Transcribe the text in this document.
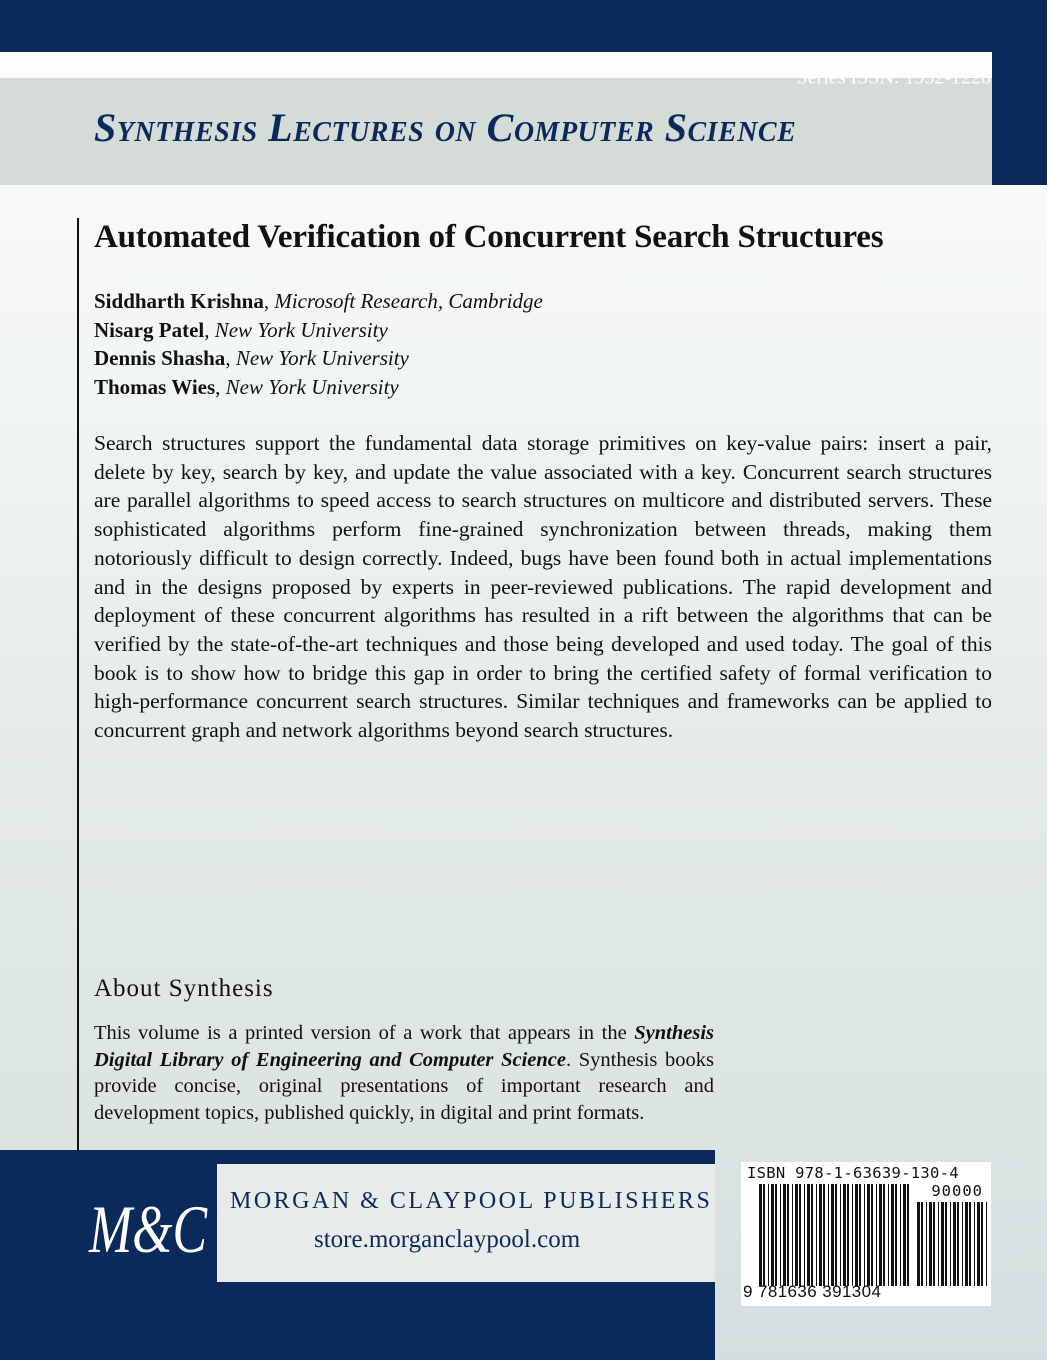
Series ISSN: 1932-1228
Synthesis Lectures on Computer Science
Automated Verification of Concurrent Search Structures
Siddharth Krishna, Microsoft Research, Cambridge
Nisarg Patel, New York University
Dennis Shasha, New York University
Thomas Wies, New York University

Search structures support the fundamental data storage primitives on key-value pairs: insert a pair, delete by key, search by key, and update the value associated with a key. Concurrent search structures are parallel algorithms to speed access to search structures on multicore and distributed servers. These sophisticated algorithms perform fine-grained synchronization between threads, making them notoriously difficult to design correctly. Indeed, bugs have been found both in actual implementations and in the designs proposed by experts in peer-reviewed publications. The rapid development and deployment of these concurrent algorithms has resulted in a rift between the algorithms that can be verified by the state-of-the-art techniques and those being developed and used today. The goal of this book is to show how to bridge this gap in order to bring the certified safety of formal verification to high-performance concurrent search structures. Similar techniques and frameworks can be applied to concurrent graph and network algorithms beyond search structures.

About Synthesis

This volume is a printed version of a work that appears in the Synthesis Digital Library of Engineering and Computer Science. Synthesis books provide concise, original presentations of important research and development topics, published quickly, in digital and print formats.

M&C MORGAN & CLAYPOOL PUBLISHERS

store.morganclaypool.com

ISBN 978-1-63639-130-4

90000

9 781636 391304
